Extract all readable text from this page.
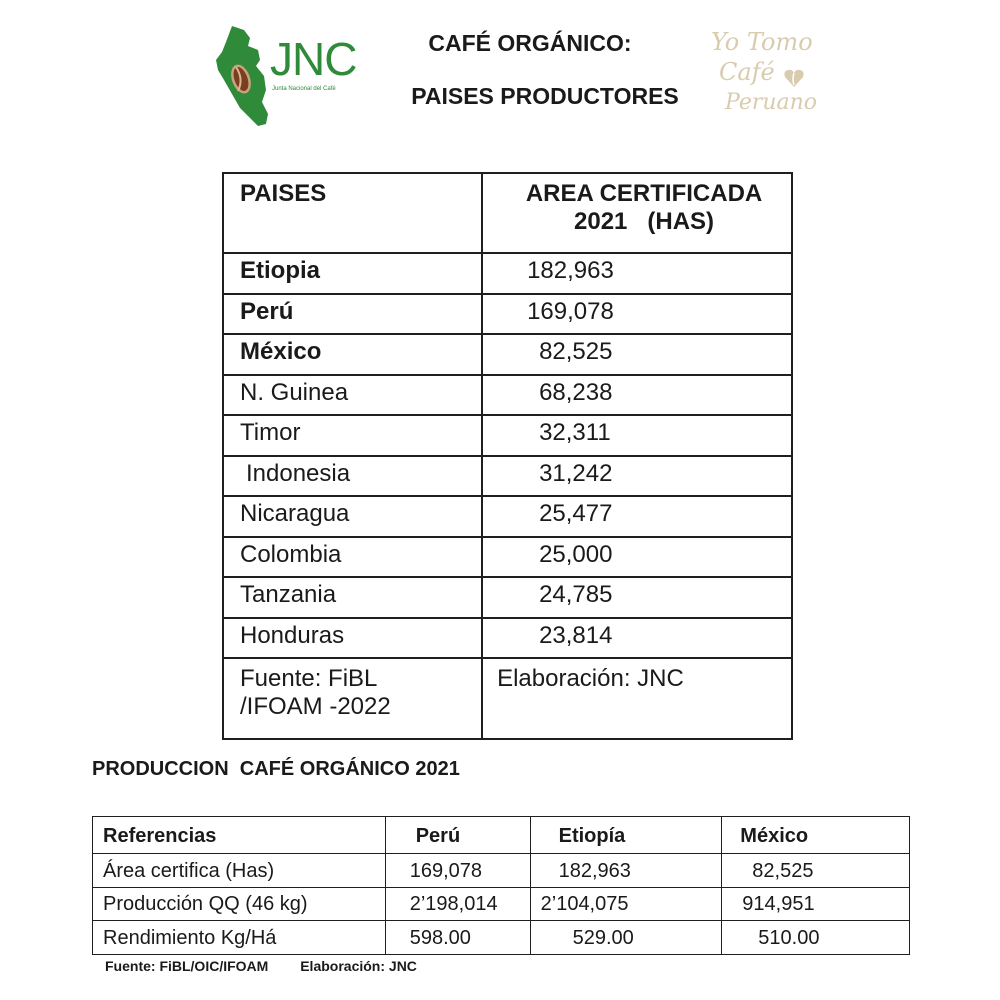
JNC
Junta Nacional del Café
CAFÉ ORGÁNICO:
PAISES PRODUCTORES
Yo Tomo
Café
Peruano
PAISES	AREA CERTIFICADA
2021   (HAS)

Etiopia	182,963
Perú	169,078
México	82,525
N. Guinea	68,238
Timor	32,311
Indonesia	31,242
Nicaragua	25,477
Colombia	25,000
Tanzania	24,785
Honduras	23,814

Fuente: FiBL
/IFOAM -2022	Elaboración: JNC
PRODUCCION  CAFÉ ORGÁNICO 2021
Referencias	Perú	Etiopía	México
Área certifica (Has)	169,078	182,963	82,525
Producción QQ (46 kg)	2’198,014	2’104,075	914,951
Rendimiento Kg/Há	598.00	529.00	510.00
Fuente: FiBL/OIC/IFOAM Elaboración: JNC
